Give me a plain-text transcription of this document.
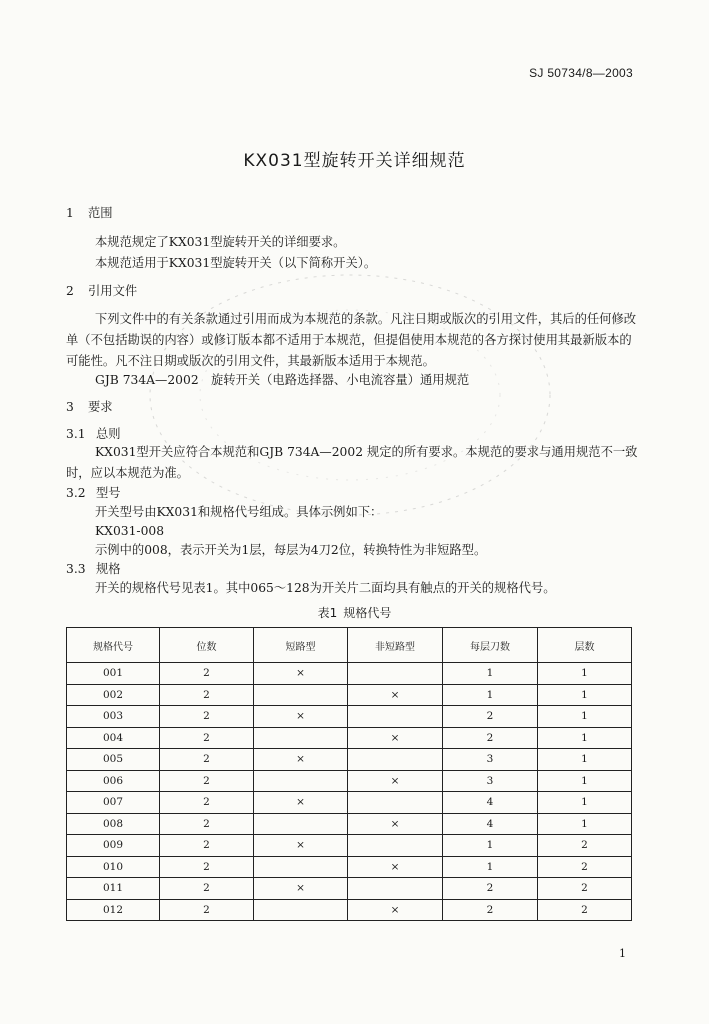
SJ 50734/8—2003
KX031型旋转开关详细规范
1 范围
本规范规定了KX031型旋转开关的详细要求。
本规范适用于KX031型旋转开关（以下简称开关）。
2 引用文件
下列文件中的有关条款通过引用而成为本规范的条款。凡注日期或版次的引用文件，其后的任何修改单（不包括勘误的内容）或修订版本都不适用于本规范，但提倡使用本规范的各方探讨使用其最新版本的可能性。凡不注日期或版次的引用文件，其最新版本适用于本规范。
GJB 734A—2002　旋转开关（电路选择器、小电流容量）通用规范
3 要求
3.1 总则
KX031型开关应符合本规范和GJB 734A—2002 规定的所有要求。本规范的要求与通用规范不一致时，应以本规范为准。
3.2 型号
开关型号由KX031和规格代号组成。具体示例如下：
KX031-008
示例中的008，表示开关为1层，每层为4刀2位，转换特性为非短路型。
3.3 规格
开关的规格代号见表1。其中065～128为开关片二面均具有触点的开关的规格代号。
表1 规格代号
规格代号	位数	短路型	非短路型	每层刀数	层数
001	2	×		1	1
002	2		×	1	1
003	2	×		2	1
004	2		×	2	1
005	2	×		3	1
006	2		×	3	1
007	2	×		4	1
008	2		×	4	1
009	2	×		1	2
010	2		×	1	2
011	2	×		2	2
012	2		×	2	2
1
